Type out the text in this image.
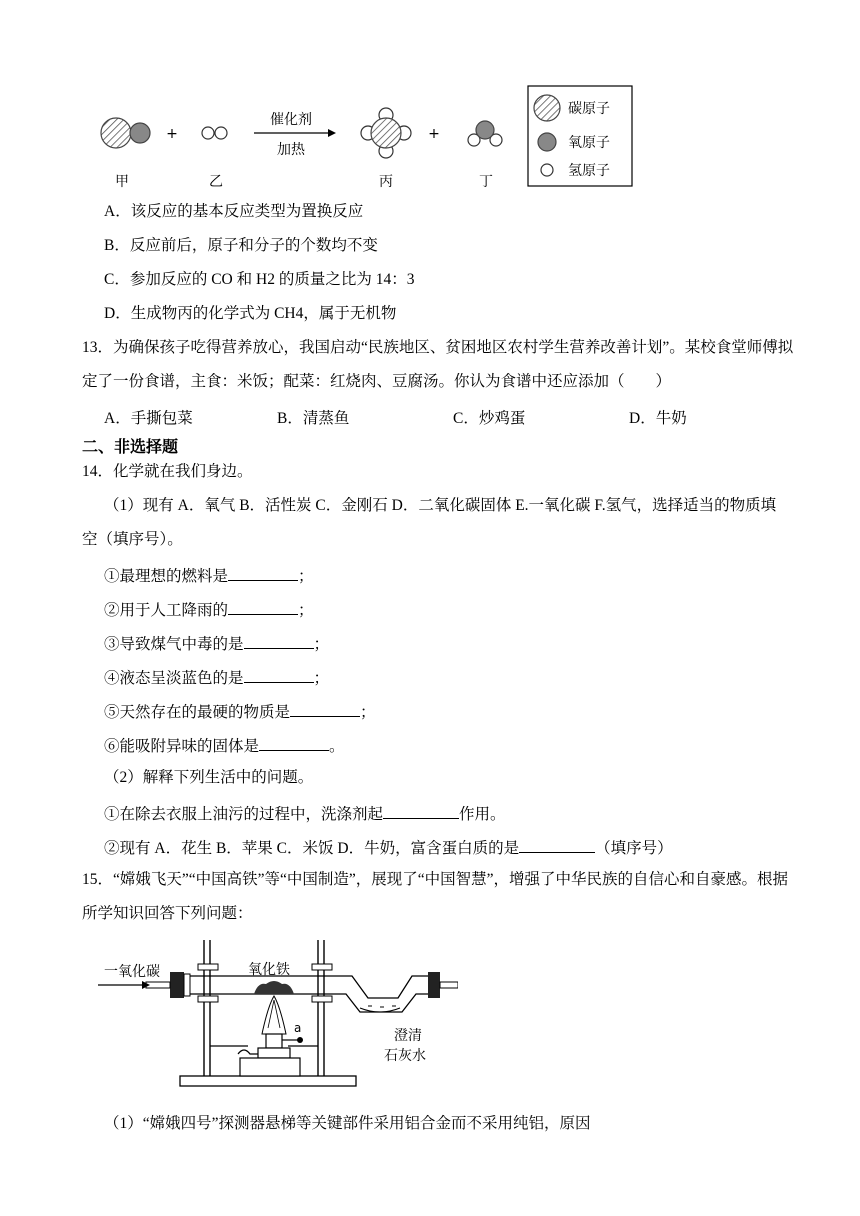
+
催化剂
加热
+
甲	乙	丙	丁
碳原子
氧原子
氢原子
A．该反应的基本反应类型为置换反应
B．反应前后，原子和分子的个数均不变
C．参加反应的 CO 和 H2 的质量之比为 14：3
D．生成物丙的化学式为 CH4，属于无机物
13．为确保孩子吃得营养放心，我国启动“民族地区、贫困地区农村学生营养改善计划”。某校食堂师傅拟
定了一份食谱，主食：米饭；配菜：红烧肉、豆腐汤。你认为食谱中还应添加（　　）
A．手撕包菜	B．清蒸鱼	C．炒鸡蛋	D．牛奶
二、非选择题
14．化学就在我们身边。
（1）现有 A．氧气 B．活性炭 C．金刚石 D．二氧化碳固体 E.一氧化碳 F.氢气，选择适当的物质填
空（填序号）。
①最理想的燃料是	；
②用于人工降雨的	；
③导致煤气中毒的是	；
④液态呈淡蓝色的是	；
⑤天然存在的最硬的物质是	；
⑥能吸附异味的固体是	。
（2）解释下列生活中的问题。
①在除去衣服上油污的过程中，洗涤剂起	作用。
②现有 A．花生 B．苹果 C．米饭 D．牛奶，富含蛋白质的是	（填序号）
15．“嫦娥飞天”“中国高铁”等“中国制造”，展现了“中国智慧”，增强了中华民族的自信心和自豪感。根据
所学知识回答下列问题：
一氧化碳	氧化铁
a	澄清
石灰水
（1）“嫦娥四号”探测器悬梯等关键部件采用铝合金而不采用纯铝，原因
